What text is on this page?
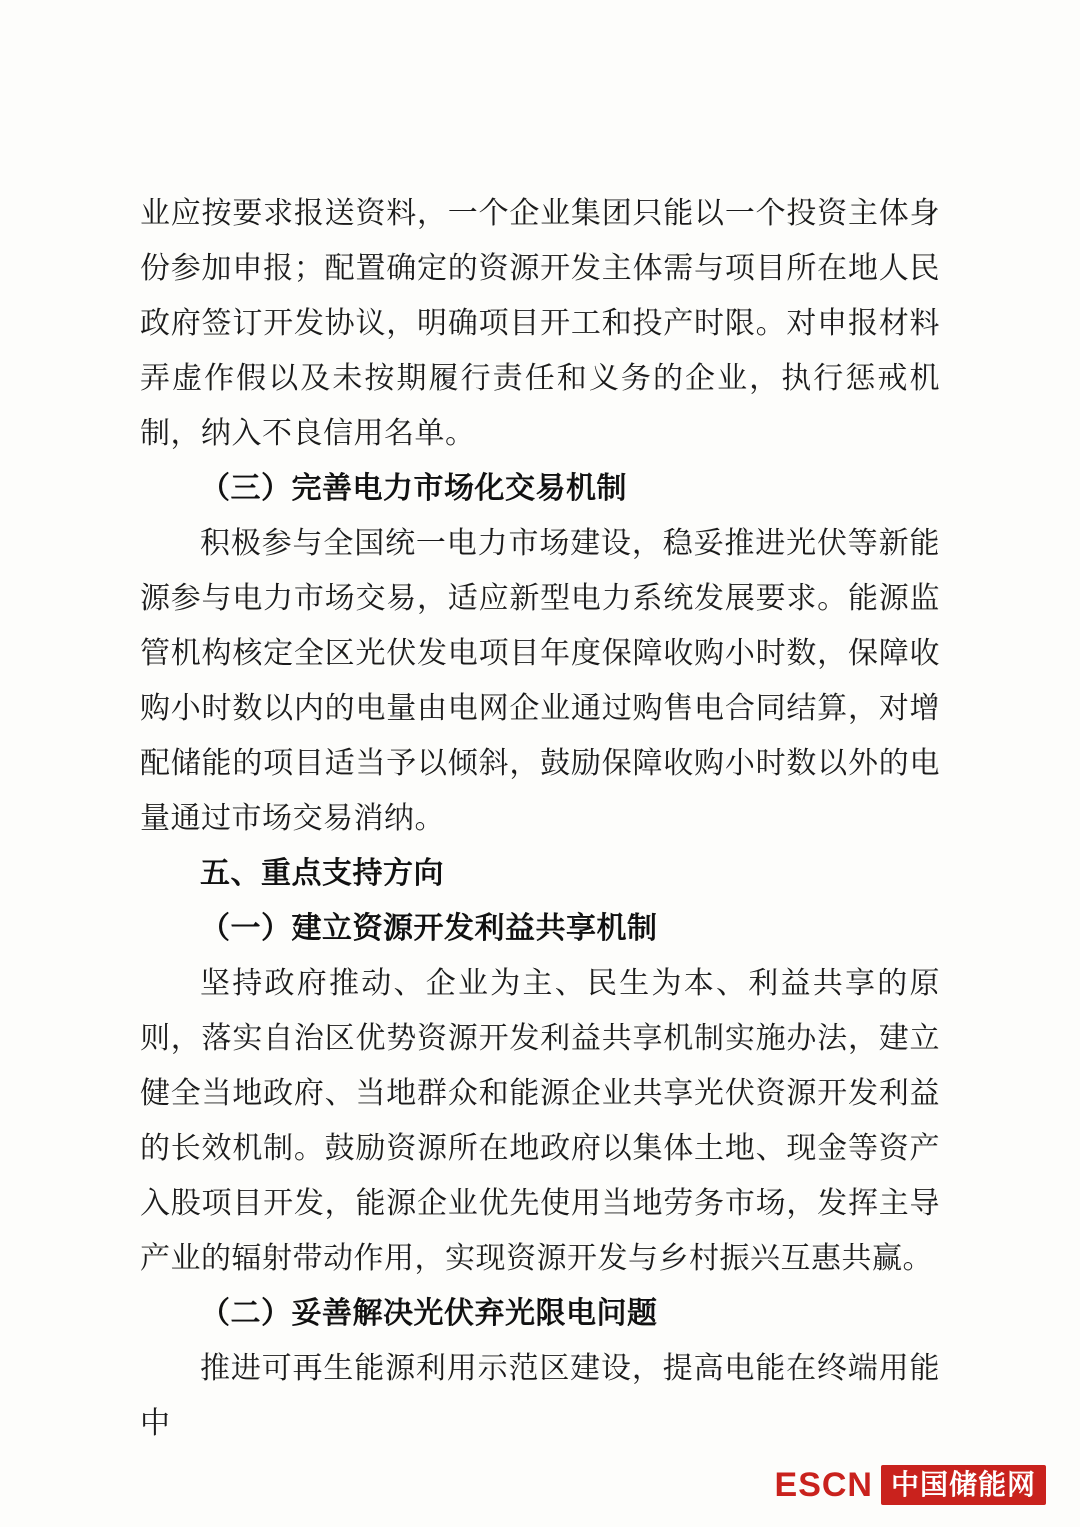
业应按要求报送资料，一个企业集团只能以一个投资主体身份参加申报；配置确定的资源开发主体需与项目所在地人民政府签订开发协议，明确项目开工和投产时限。对申报材料弄虚作假以及未按期履行责任和义务的企业，执行惩戒机制，纳入不良信用名单。

（三）完善电力市场化交易机制

积极参与全国统一电力市场建设，稳妥推进光伏等新能源参与电力市场交易，适应新型电力系统发展要求。能源监管机构核定全区光伏发电项目年度保障收购小时数，保障收购小时数以内的电量由电网企业通过购售电合同结算，对增配储能的项目适当予以倾斜，鼓励保障收购小时数以外的电量通过市场交易消纳。

五、重点支持方向
（一）建立资源开发利益共享机制

坚持政府推动、企业为主、民生为本、利益共享的原则，落实自治区优势资源开发利益共享机制实施办法，建立健全当地政府、当地群众和能源企业共享光伏资源开发利益的长效机制。鼓励资源所在地政府以集体土地、现金等资产入股项目开发，能源企业优先使用当地劳务市场，发挥主导产业的辐射带动作用，实现资源开发与乡村振兴互惠共赢。

（二）妥善解决光伏弃光限电问题

推进可再生能源利用示范区建设，提高电能在终端用能中

ESCN 中国储能网
